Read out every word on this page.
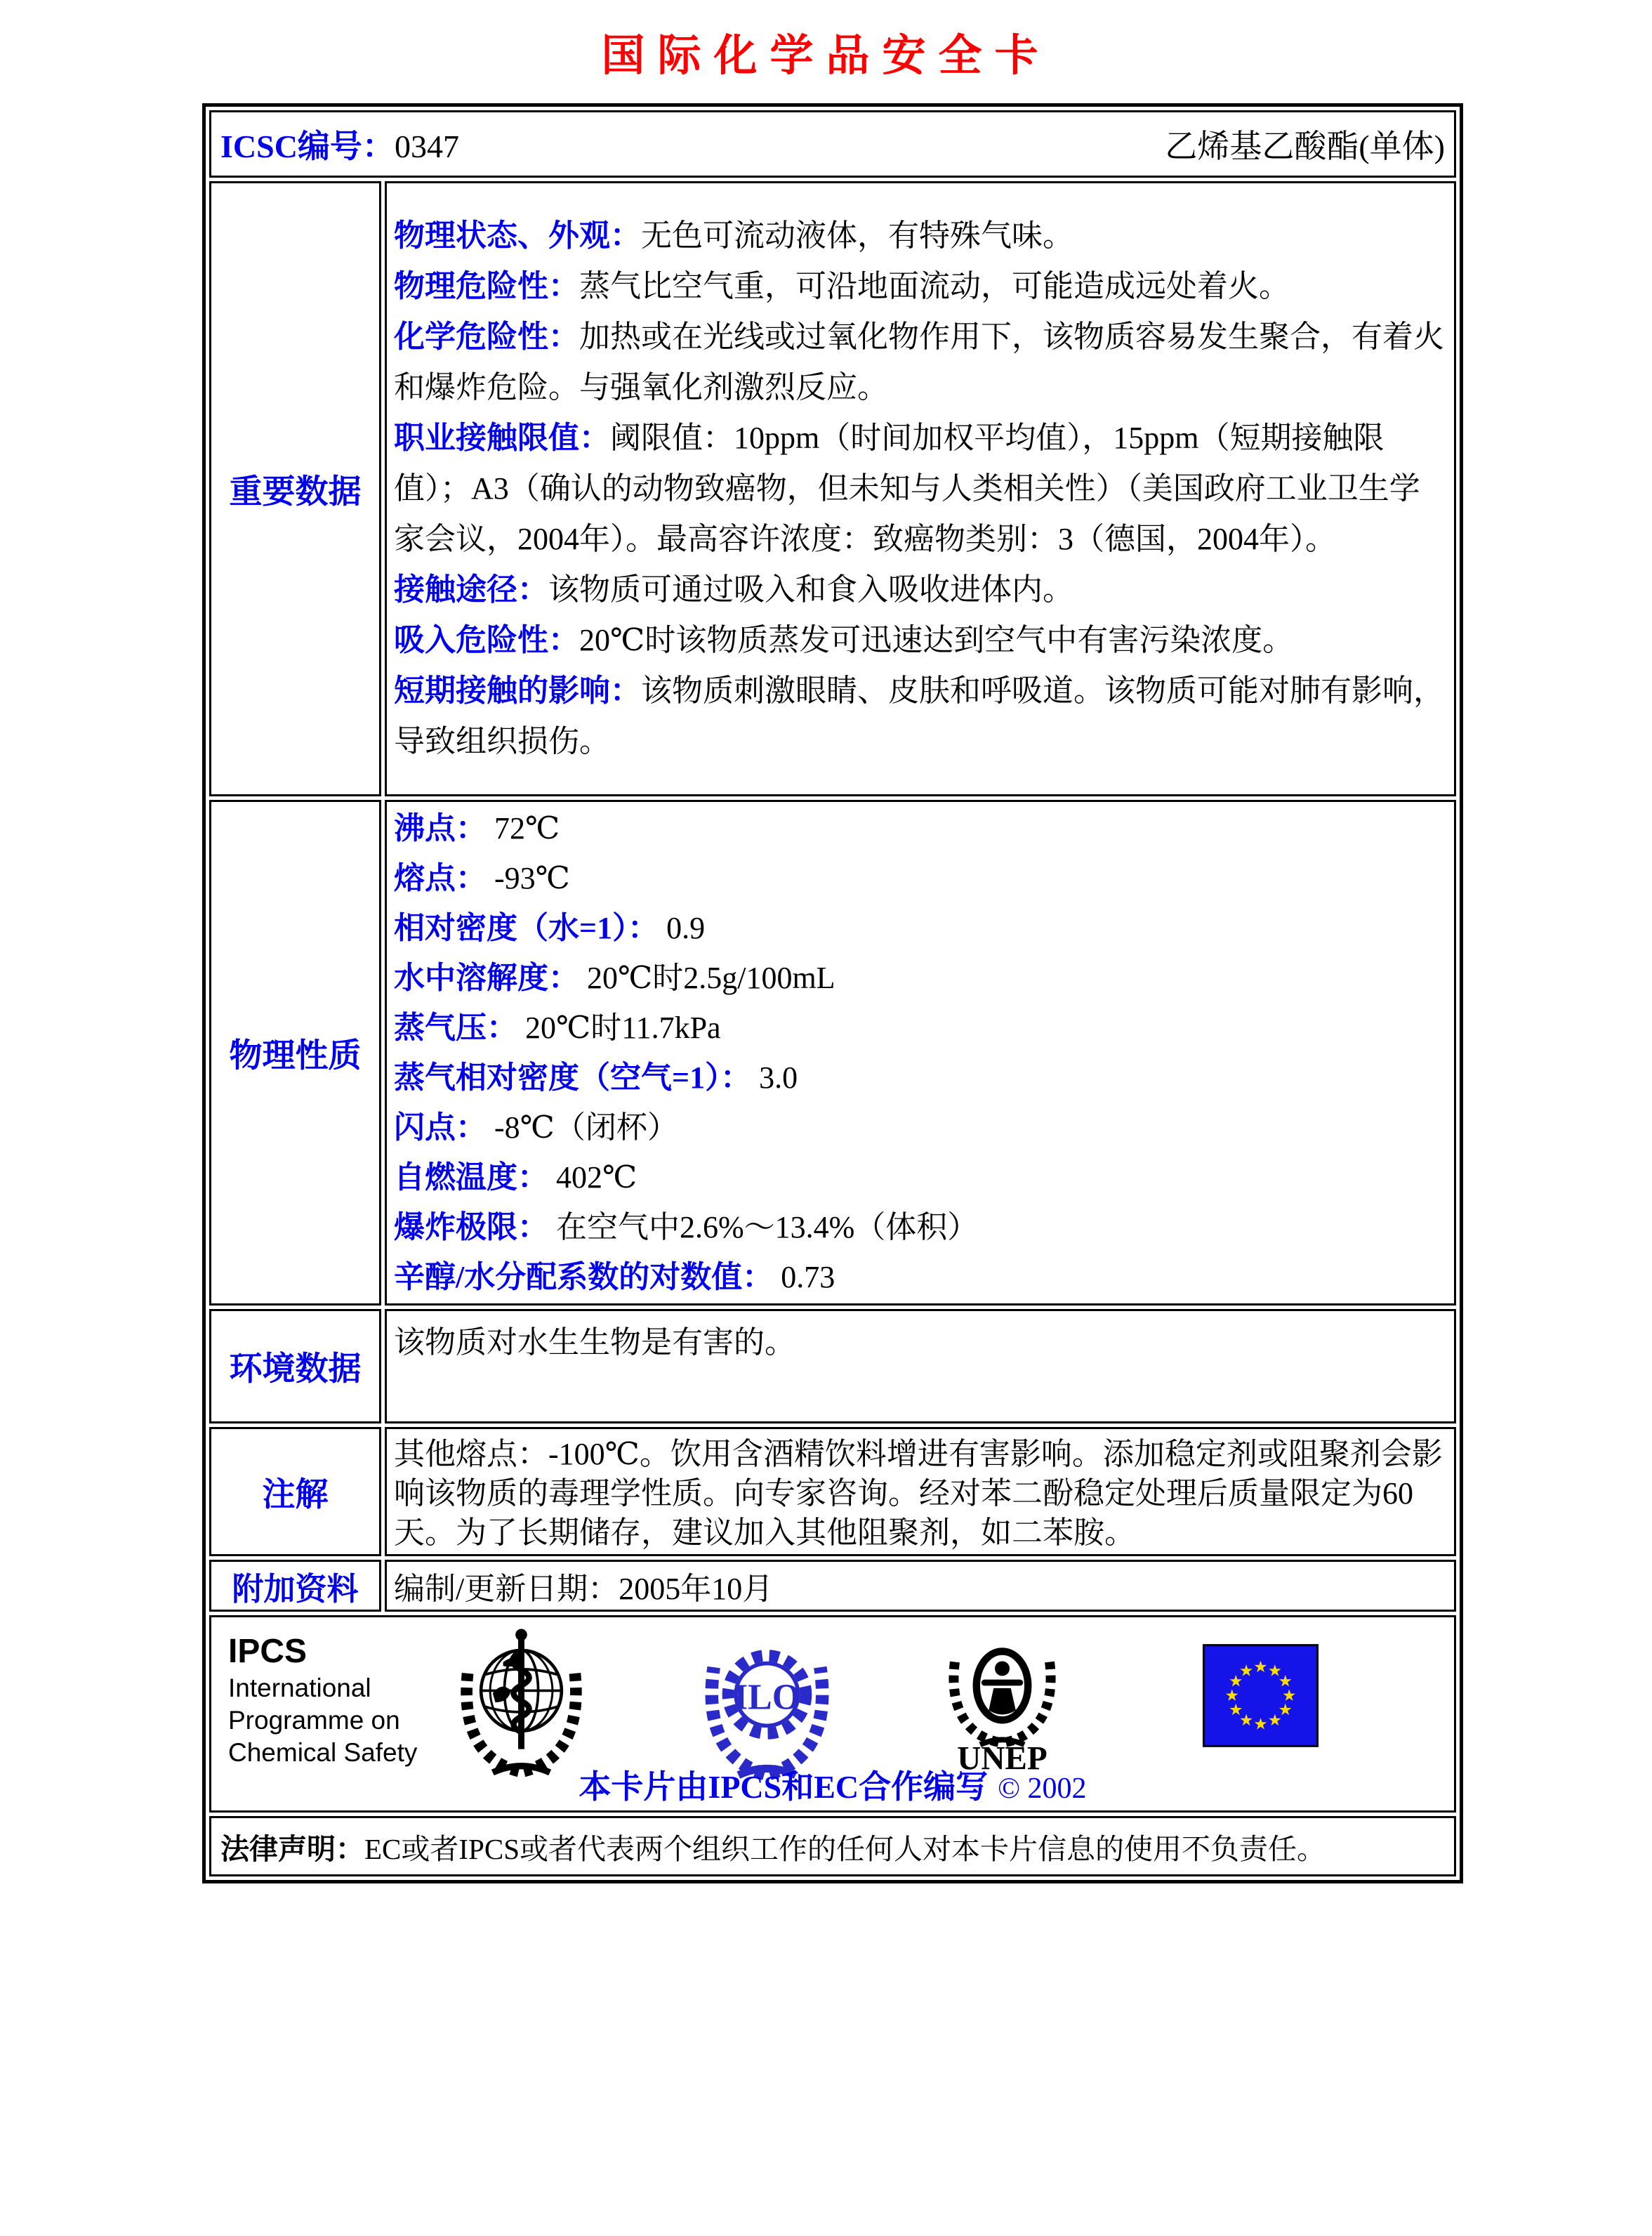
国际化学品安全卡
ICSC编号：0347 乙烯基乙酸酯(单体)	

重要数据	
物理状态、外观：无色可流动液体，有特殊气味。
物理危险性：蒸气比空气重，可沿地面流动，可能造成远处着火。
化学危险性：加热或在光线或过氧化物作用下，该物质容易发生聚合，有着火和爆炸危险。与强氧化剂激烈反应。
职业接触限值：阈限值：10ppm（时间加权平均值），15ppm（短期接触限值）；A3（确认的动物致癌物，但未知与人类相关性）（美国政府工业卫生学家会议，2004年）。最高容许浓度：致癌物类别：3（德国，2004年）。
接触途径：该物质可通过吸入和食入吸收进体内。
吸入危险性：20℃时该物质蒸发可迅速达到空气中有害污染浓度。
短期接触的影响：该物质刺激眼睛、皮肤和呼吸道。该物质可能对肺有影响，导致组织损伤。

物理性质	
沸点： 72℃
熔点： -93℃
相对密度（水=1）： 0.9
水中溶解度： 20℃时2.5g/100mL
蒸气压： 20℃时11.7kPa
蒸气相对密度（空气=1）： 3.0
闪点： -8℃（闭杯）
自燃温度： 402℃
爆炸极限： 在空气中2.6%～13.4%（体积）
辛醇/水分配系数的对数值： 0.73

环境数据	该物质对水生生物是有害的。
注解	其他熔点：-100℃。饮用含酒精饮料增进有害影响。添加稳定剂或阻聚剂会影响该物质的毒理学性质。向专家咨询。经对苯二酚稳定处理后质量限定为60天。为了长期储存，建议加入其他阻聚剂，如二苯胺。

附加资料	编制/更新日期：2005年10月

IPCS
International
Programme on
Chemical Safety
ILO
UNEP
本卡片由IPCS和EC合作编写 © 2002

法律声明：EC或者IPCS或者代表两个组织工作的任何人对本卡片信息的使用不负责任。	
